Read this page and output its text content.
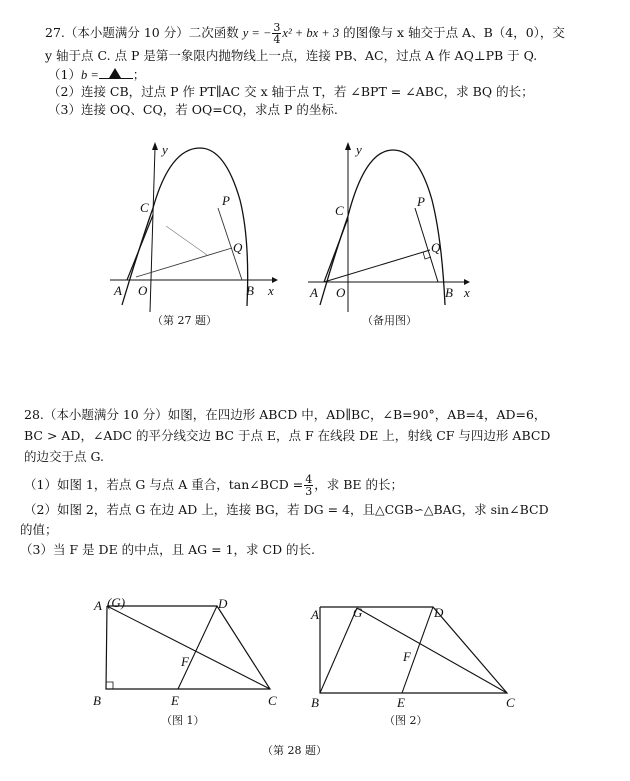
27.（本小题满分 10 分）二次函数 y = − $\frac{3}{4} x^2$ + bx + 3 的图像与 x 轴交于点 A、B（4，0），交
y 轴于点 C. 点 P 是第一象限内抛物线上一点，连接 PB、AC，过点 A 作 AQ⊥PB 于 Q.
（1）b =	；
（2）连接 CB，过点 P 作 PT∥AC 交 x 轴于点 T，若 ∠BPT = ∠ABC，求 BQ 的长；
（3）连接 OQ、CQ，若 OQ=CQ，求点 P 的坐标.
y
C	P
Q
A O	B x
（第 27 题）
y
C
P
Q
A O	B x
（备用图）
28.（本小题满分 10 分）如图，在四边形 ABCD 中，AD∥BC，∠B=90°，AB=4，AD=6，
BC > AD，∠ADC 的平分线交边 BC 于点 E，点 F 在线段 DE 上，射线 CF 与四边形 ABCD
的边交于点 G.
（1）如图 1，若点 G 与点 A 重合，tan∠BCD = $\frac{4}{3}$ ，求 BE 的长；
（2）如图 2，若点 G 在边 AD 上，连接 BG，若 DG = 4，且△CGB∽△BAG，求 sin∠BCD
的值；
（3）当 F 是 DE 的中点，且 AG = 1，求 CD 的长.
A (G)	D
F
B	E	C
（图 1）
A	G	D
F
B	E	C
（图 2）
（第 28 题）
